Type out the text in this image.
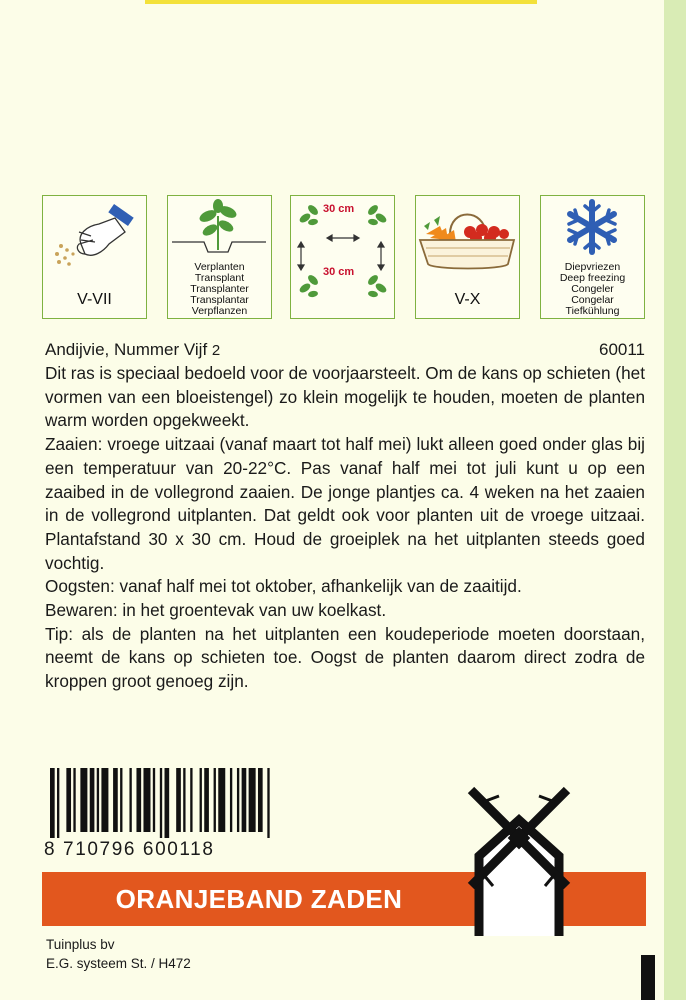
V-VII
Verplanten
Transplant
Transplanter
Transplantar
Verpflanzen
30 cm
30 cm
V-X
Diepvriezen
Deep freezing
Congeler
Congelar
Tiefkühlung
Andijvie, Nummer Vijf 2	60011

Dit ras is speciaal bedoeld voor de voorjaarsteelt. Om de kans op schieten (het vormen van een bloeistengel) zo klein mogelijk te houden, moeten de planten warm worden opgekweekt.

Zaaien: vroege uitzaai (vanaf maart tot half mei) lukt alleen goed onder glas bij een temperatuur van 20-22°C. Pas vanaf half mei tot juli kunt u op een zaaibed in de vollegrond zaaien. De jonge plantjes ca. 4 weken na het zaaien in de vollegrond uitplanten. Dat geldt ook voor planten uit de vroege uitzaai. Plantafstand 30 x 30 cm. Houd de groeiplek na het uitplanten steeds goed vochtig.

Oogsten: vanaf half mei tot oktober, afhankelijk van de zaaitijd.

Bewaren: in het groentevak van uw koelkast.

Tip: als de planten na het uitplanten een koudeperiode moeten doorstaan, neemt de kans op schieten toe. Oogst de planten daarom direct zodra de kroppen groot genoeg zijn.

8 710796 600118
ORANJEBAND ZADEN
Tuinplus bv
E.G. systeem St. / H472
